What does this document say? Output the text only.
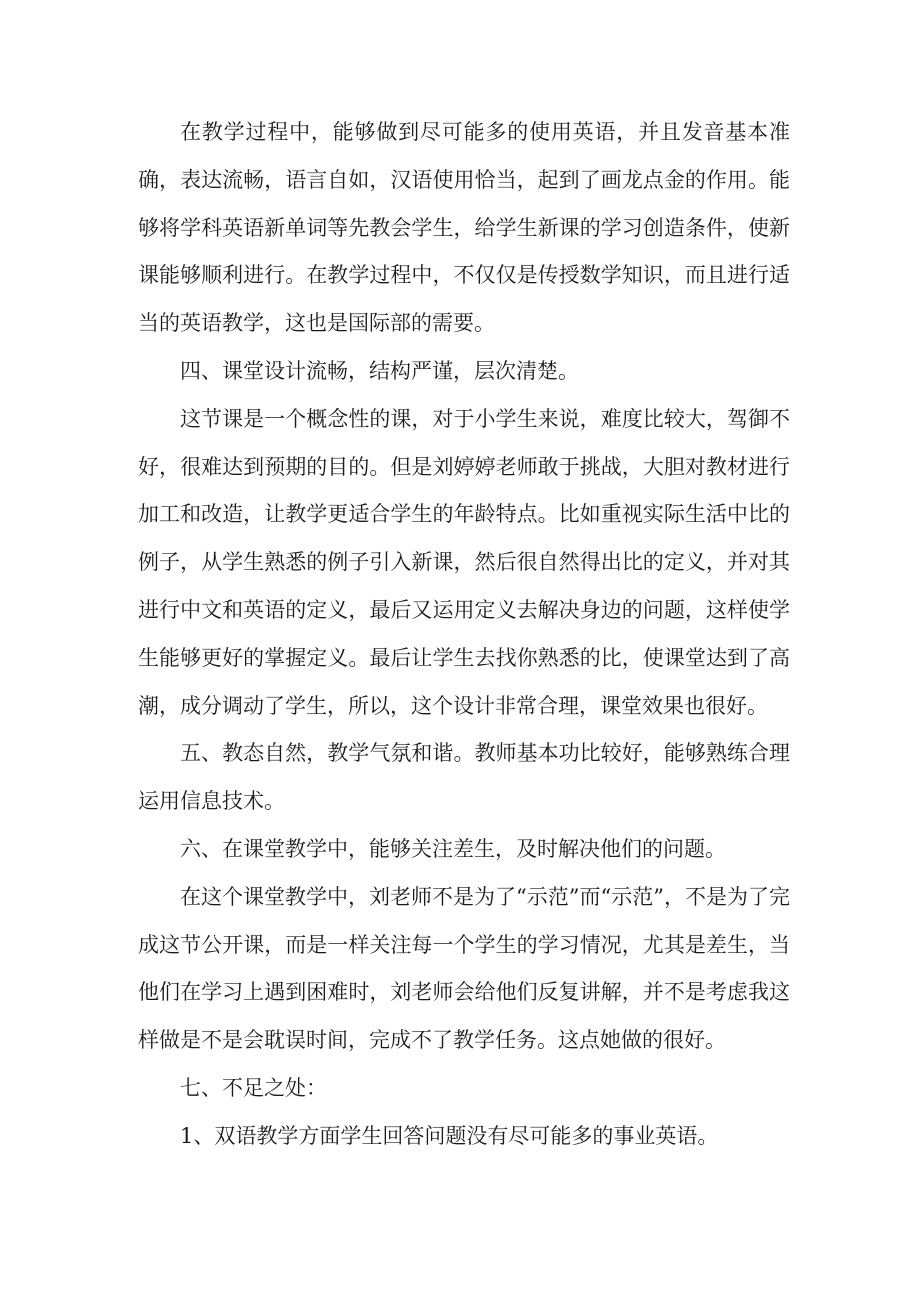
在教学过程中，能够做到尽可能多的使用英语，并且发音基本准确，表达流畅，语言自如，汉语使用恰当，起到了画龙点金的作用。能够将学科英语新单词等先教会学生，给学生新课的学习创造条件，使新课能够顺利进行。在教学过程中，不仅仅是传授数学知识，而且进行适当的英语教学，这也是国际部的需要。

四、课堂设计流畅，结构严谨，层次清楚。

这节课是一个概念性的课，对于小学生来说，难度比较大，驾御不好，很难达到预期的目的。但是刘婷婷老师敢于挑战，大胆对教材进行加工和改造，让教学更适合学生的年龄特点。比如重视实际生活中比的例子，从学生熟悉的例子引入新课，然后很自然得出比的定义，并对其进行中文和英语的定义，最后又运用定义去解决身边的问题，这样使学生能够更好的掌握定义。最后让学生去找你熟悉的比，使课堂达到了高潮，成分调动了学生，所以，这个设计非常合理，课堂效果也很好。

五、教态自然，教学气氛和谐。教师基本功比较好，能够熟练合理运用信息技术。

六、在课堂教学中，能够关注差生，及时解决他们的问题。

在这个课堂教学中，刘老师不是为了“示范”而“示范”，不是为了完成这节公开课，而是一样关注每一个学生的学习情况，尤其是差生，当他们在学习上遇到困难时，刘老师会给他们反复讲解，并不是考虑我这样做是不是会耽误时间，完成不了教学任务。这点她做的很好。

七、不足之处：

1、双语教学方面学生回答问题没有尽可能多的事业英语。
